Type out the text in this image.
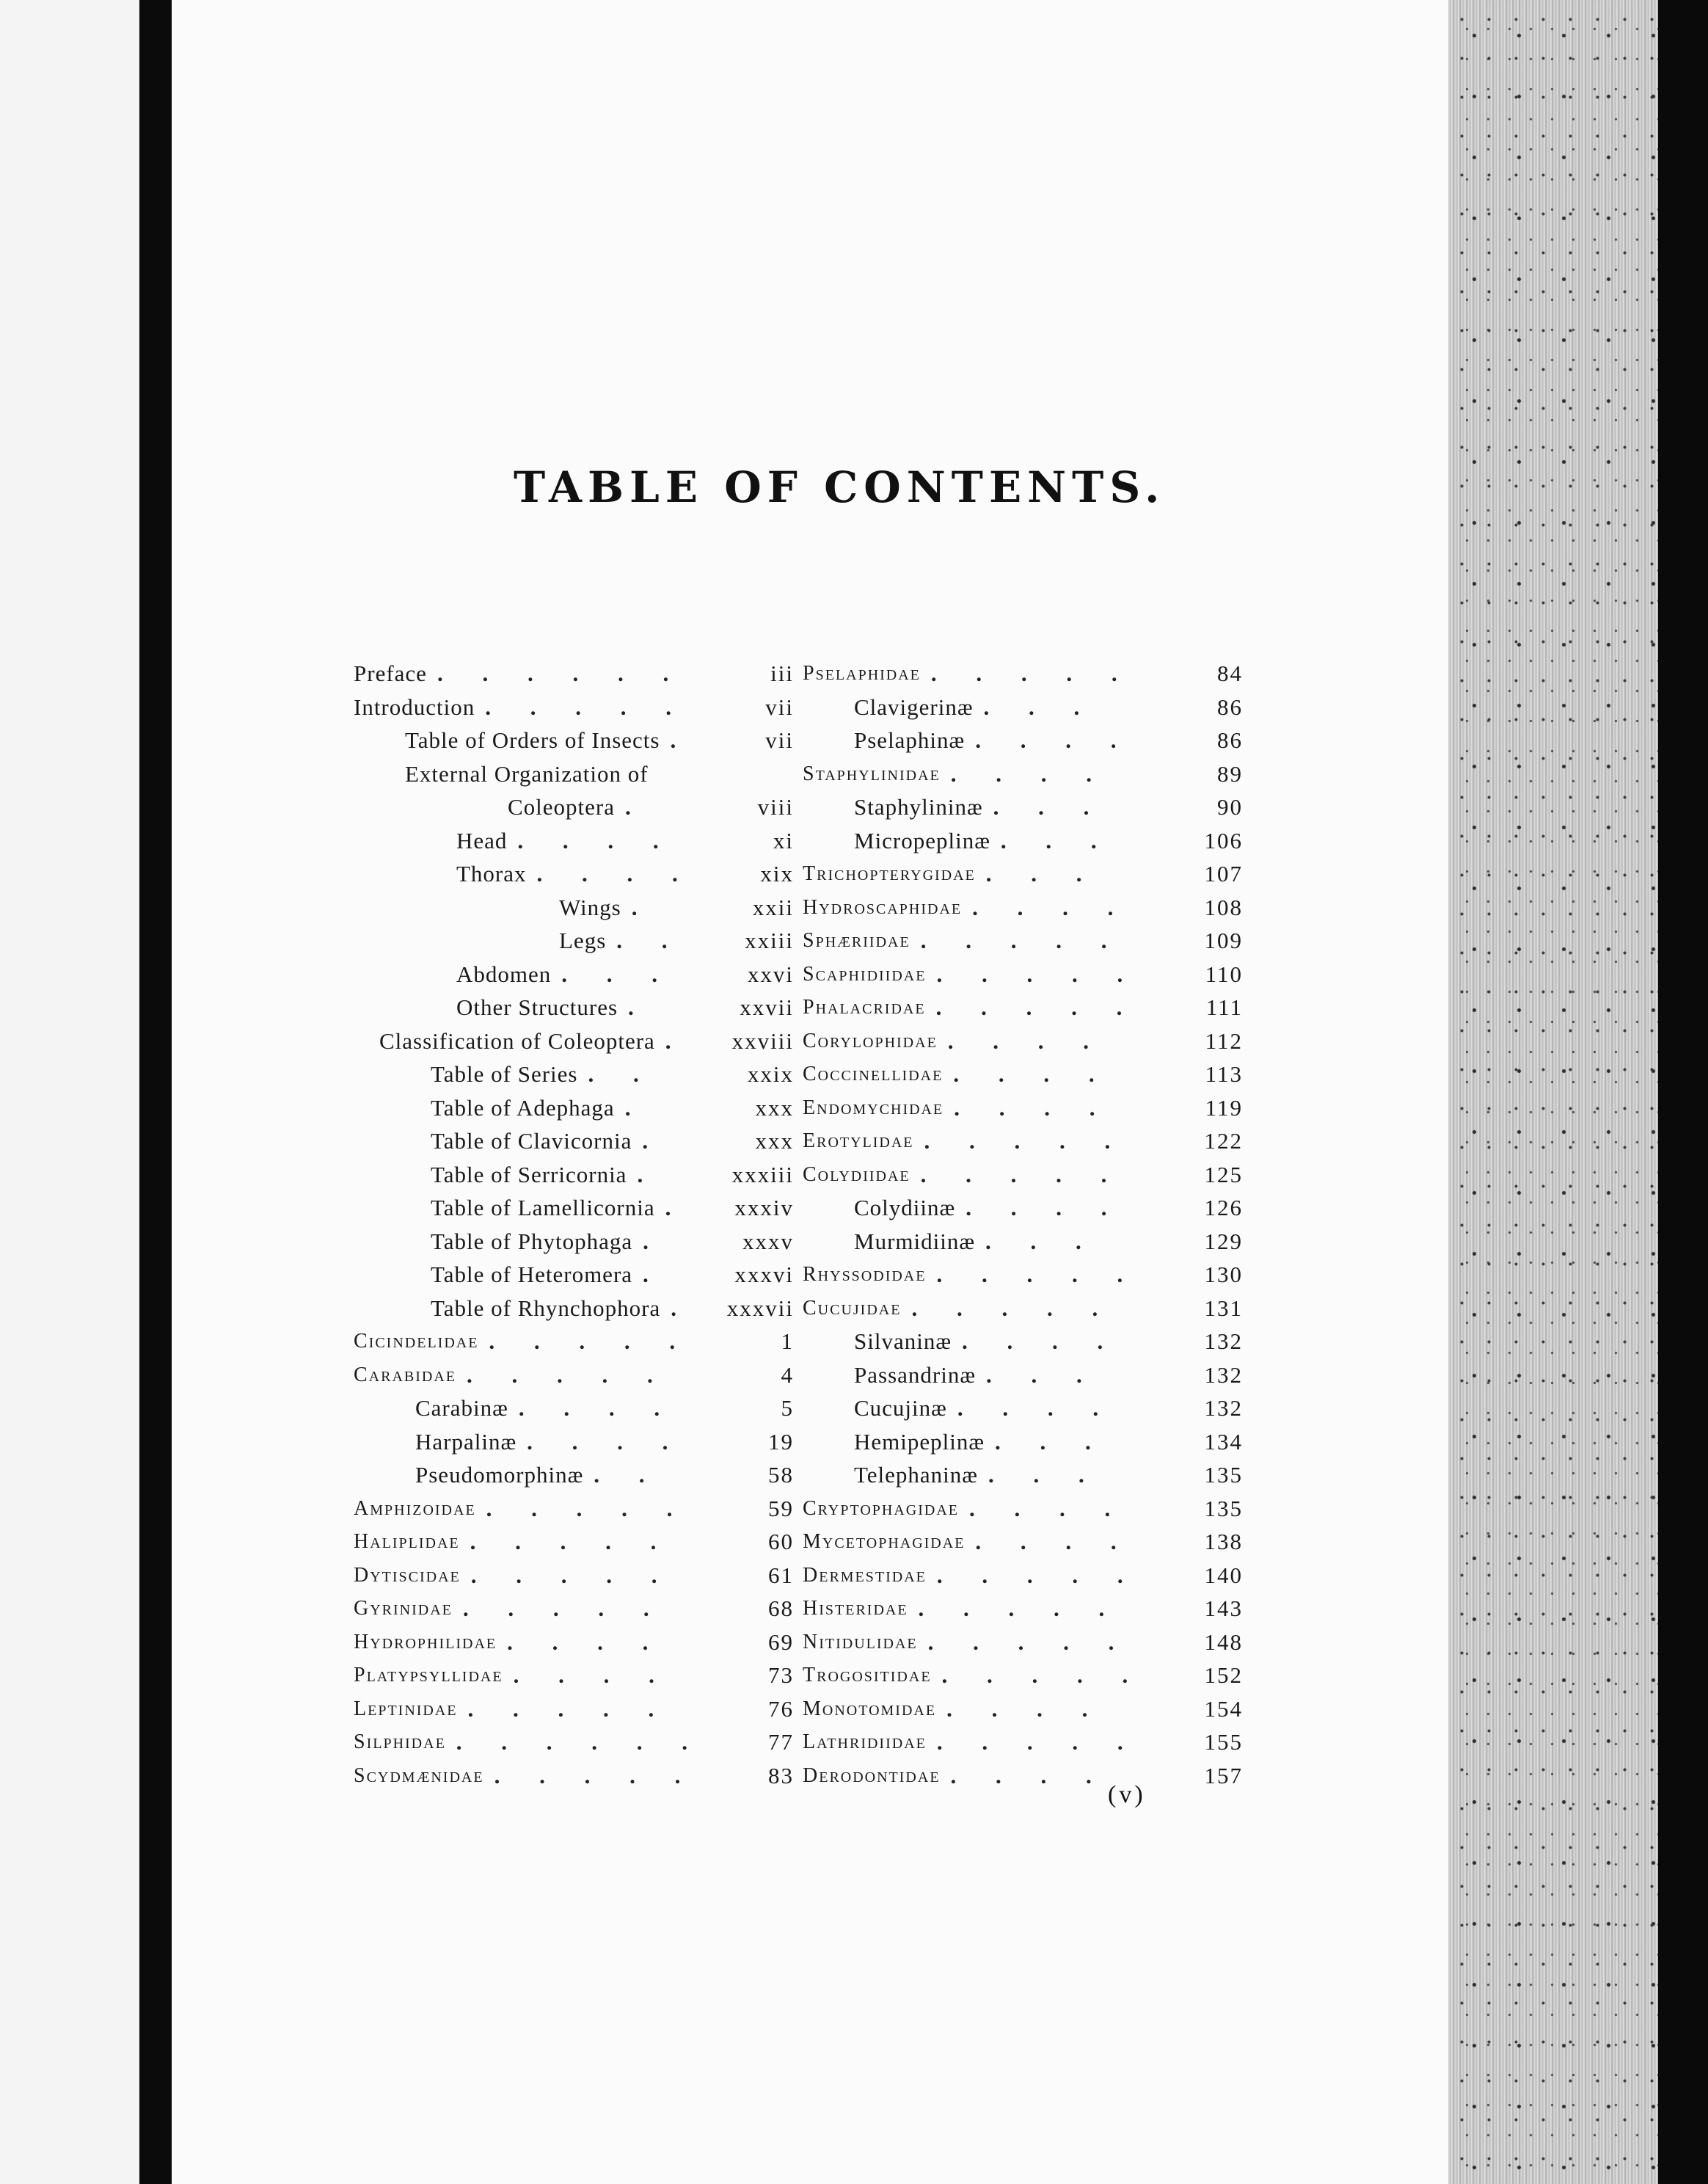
TABLE OF CONTENTS.
Preface . . . . . .	iii
Introduction . . . . .	vii
Table of Orders of Insects .	vii
External Organization of
Coleoptera .	viii
Head . . . .	xi
Thorax . . . .	xix
Wings .	xxii
Legs . .	xxiii
Abdomen . . .	xxvi
Other Structures .	xxvii
Classification of Coleoptera .	xxviii
Table of Series . .	xxix
Table of Adephaga .	xxx
Table of Clavicornia .	xxx
Table of Serricornia .	xxxiii
Table of Lamellicornia .	xxxiv
Table of Phytophaga .	xxxv
Table of Heteromera .	xxxvi
Table of Rhynchophora .	xxxvii
Cicindelidae . . . . .	1
Carabidae . . . . .	4
Carabinæ . . . .	5
Harpalinæ . . . .	19
Pseudomorphinæ . .	58
Amphizoidae . . . . .	59
Haliplidae . . . . .	60
Dytiscidae . . . . .	61
Gyrinidae . . . . .	68
Hydrophilidae . . . .	69
Platypsyllidae . . . .	73
Leptinidae . . . . .	76
Silphidae . . . . . .	77
Scydmænidae . . . . .	83
Pselaphidae . . . . .	84
Clavigerinæ . . .	86
Pselaphinæ . . . .	86
Staphylinidae . . . .	89
Staphylininæ . . .	90
Micropeplinæ . . .	106
Trichopterygidae . . .	107
Hydroscaphidae . . . .	108
Sphæriidae . . . . .	109
Scaphidiidae . . . . .	110
Phalacridae . . . . .	111
Corylophidae . . . .	112
Coccinellidae . . . .	113
Endomychidae . . . .	119
Erotylidae . . . . .	122
Colydiidae . . . . .	125
Colydiinæ . . . .	126
Murmidiinæ . . .	129
Rhyssodidae . . . . .	130
Cucujidae . . . . .	131
Silvaninæ . . . .	132
Passandrinæ . . .	132
Cucujinæ . . . .	132
Hemipeplinæ . . .	134
Telephaninæ . . .	135
Cryptophagidae . . . .	135
Mycetophagidae . . . .	138
Dermestidae . . . . .	140
Histeridae . . . . .	143
Nitidulidae . . . . .	148
Trogositidae . . . . .	152
Monotomidae . . . .	154
Lathridiidae . . . . .	155
Derodontidae . . . .	157
(v)
